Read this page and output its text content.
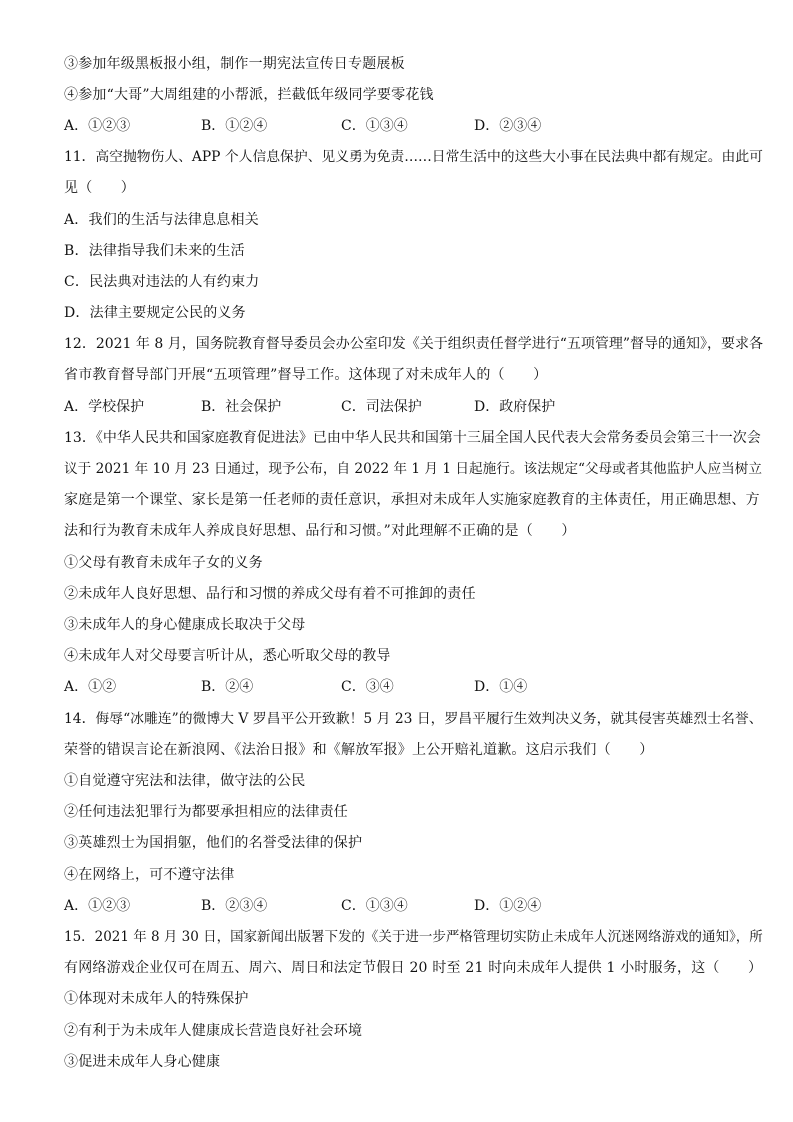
③参加年级黑板报小组，制作一期宪法宣传日专题展板
④参加“大哥”大周组建的小帮派，拦截低年级同学要零花钱
A．①②③	B．①②④	C．①③④	D．②③④
11．高空抛物伤人、APP 个人信息保护、见义勇为免责……日常生活中的这些大小事在民法典中都有规定。由此可
见（　　）
A．我们的生活与法律息息相关
B．法律指导我们未来的生活
C．民法典对违法的人有约束力
D．法律主要规定公民的义务
12．2021 年 8 月，国务院教育督导委员会办公室印发《关于组织责任督学进行“五项管理”督导的通知》，要求各
省市教育督导部门开展“五项管理”督导工作。这体现了对未成年人的（　　）
A．学校保护	B．社会保护	C．司法保护	D．政府保护
13．《中华人民共和国家庭教育促进法》已由中华人民共和国第十三届全国人民代表大会常务委员会第三十一次会
议于 2021 年 10 月 23 日通过，现予公布，自 2022 年 1 月 1 日起施行。该法规定“父母或者其他监护人应当树立
家庭是第一个课堂、家长是第一任老师的责任意识，承担对未成年人实施家庭教育的主体责任，用正确思想、方
法和行为教育未成年人养成良好思想、品行和习惯。”对此理解不正确的是（　　）
①父母有教育未成年子女的义务
②未成年人良好思想、品行和习惯的养成父母有着不可推卸的责任
③未成年人的身心健康成长取决于父母
④未成年人对父母要言听计从，悉心听取父母的教导
A．①②	B．②④	C．③④	D．①④
14．侮辱“冰雕连”的微博大 V 罗昌平公开致歉！5 月 23 日，罗昌平履行生效判决义务，就其侵害英雄烈士名誉、
荣誉的错误言论在新浪网、《法治日报》和《解放军报》上公开赔礼道歉。这启示我们（　　）
①自觉遵守宪法和法律，做守法的公民
②任何违法犯罪行为都要承担相应的法律责任
③英雄烈士为国捐躯，他们的名誉受法律的保护
④在网络上，可不遵守法律
A．①②③	B．②③④	C．①③④	D．①②④
15．2021 年 8 月 30 日，国家新闻出版署下发的《关于进一步严格管理切实防止未成年人沉迷网络游戏的通知》，所
有网络游戏企业仅可在周五、周六、周日和法定节假日 20 时至 21 时向未成年人提供 1 小时服务，这（　　）
①体现对未成年人的特殊保护
②有利于为未成年人健康成长营造良好社会环境
③促进未成年人身心健康
